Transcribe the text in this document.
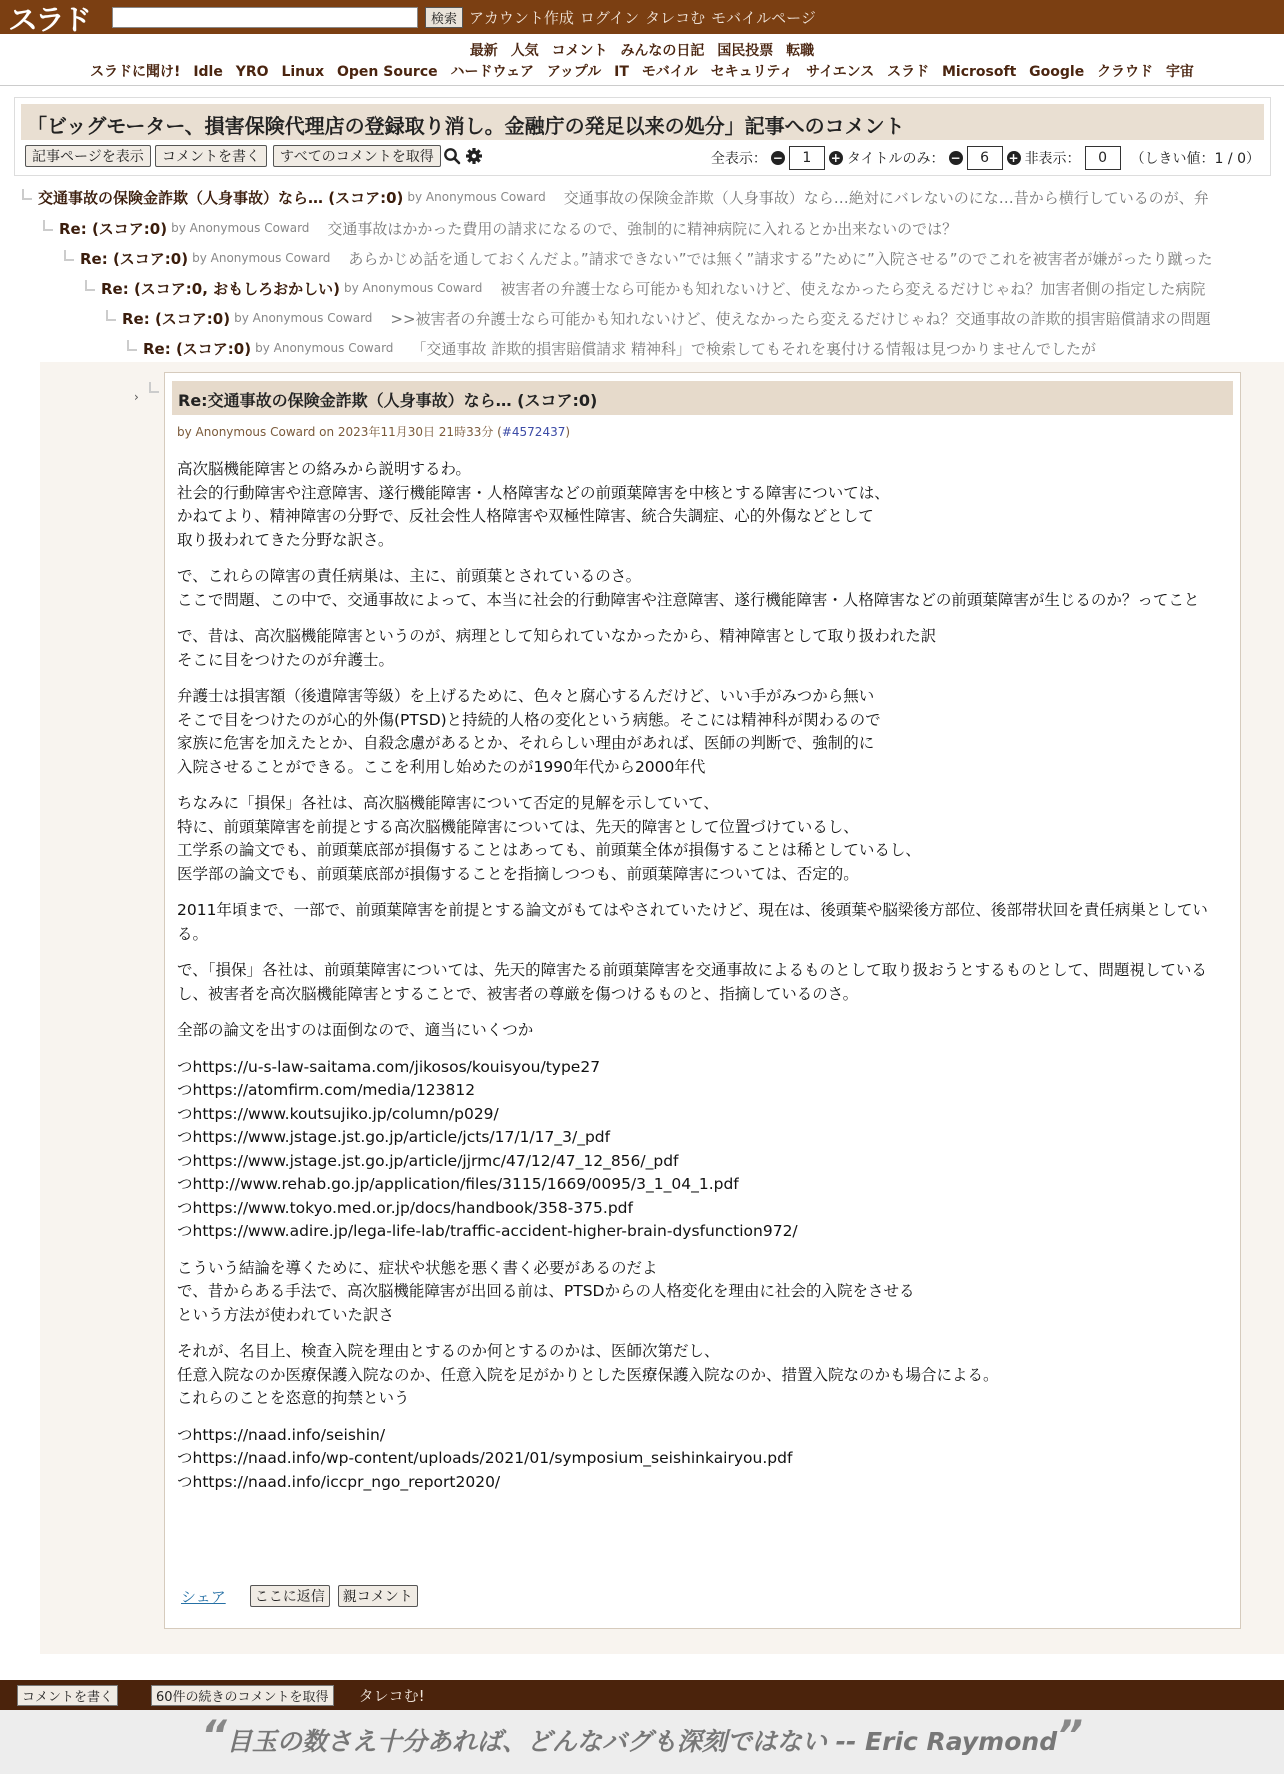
スラド	検索 アカウント作成 ログイン タレコむ モバイルページ
最新 人気 コメント みんなの日記 国民投票 転職
スラドに聞け! Idle YRO Linux Open Source ハードウェア アップル IT モバイル セキュリティ サイエンス スラド Microsoft Google クラウド 宇宙
「ビッグモーター、損害保険代理店の登録取り消し。金融庁の発足以来の処分」記事へのコメント
記事ページを表示	コメントを書く	すべてのコメントを取得	全表示： −	1	+ タイトルのみ： −	6	+ 非表示：	0	（しきい値：1 / 0）
交通事故の保険金詐欺（人身事故）なら… (スコア:0) by Anonymous Coward 交通事故の保険金詐欺（人身事故）なら…絶対にバレないのにな…昔から横行しているのが、弁
Re: (スコア:0) by Anonymous Coward 交通事故はかかった費用の請求になるので、強制的に精神病院に入れるとか出来ないのでは？
Re: (スコア:0) by Anonymous Coward あらかじめ話を通しておくんだよ。”請求できない”では無く”請求する”ために”入院させる”のでこれを被害者が嫌がったり蹴った
Re: (スコア:0, おもしろおかしい) by Anonymous Coward 被害者の弁護士なら可能かも知れないけど、使えなかったら変えるだけじゃね？加害者側の指定した病院
Re: (スコア:0) by Anonymous Coward >>被害者の弁護士なら可能かも知れないけど、使えなかったら変えるだけじゃね？交通事故の詐欺的損害賠償請求の問題
Re: (スコア:0) by Anonymous Coward 「交通事故 詐欺的損害賠償請求 精神科」で検索してもそれを裏付ける情報は見つかりませんでしたが
›	Re:交通事故の保険金詐欺（人身事故）なら… (スコア:0)
by Anonymous Coward on 2023年11月30日 21時33分 (#4572437)

高次脳機能障害との絡みから説明するわ。
社会的行動障害や注意障害、遂行機能障害・人格障害などの前頭葉障害を中核とする障害については、
かねてより、精神障害の分野で、反社会性人格障害や双極性障害、統合失調症、心的外傷などとして
取り扱われてきた分野な訳さ。

で、これらの障害の責任病巣は、主に、前頭葉とされているのさ。
ここで問題、この中で、交通事故によって、本当に社会的行動障害や注意障害、遂行機能障害・人格障害などの前頭葉障害が生じるのか？ってこと

で、昔は、高次脳機能障害というのが、病理として知られていなかったから、精神障害として取り扱われた訳
そこに目をつけたのが弁護士。

弁護士は損害額（後遺障害等級）を上げるために、色々と腐心するんだけど、いい手がみつから無い
そこで目をつけたのが心的外傷(PTSD)と持続的人格の変化という病態。そこには精神科が関わるので
家族に危害を加えたとか、自殺念慮があるとか、それらしい理由があれば、医師の判断で、強制的に
入院させることができる。ここを利用し始めたのが1990年代から2000年代

ちなみに「損保」各社は、高次脳機能障害について否定的見解を示していて、
特に、前頭葉障害を前提とする高次脳機能障害については、先天的障害として位置づけているし、
工学系の論文でも、前頭葉底部が損傷することはあっても、前頭葉全体が損傷することは稀としているし、
医学部の論文でも、前頭葉底部が損傷することを指摘しつつも、前頭葉障害については、否定的。

2011年頃まで、一部で、前頭葉障害を前提とする論文がもてはやされていたけど、現在は、後頭葉や脳梁後方部位、後部帯状回を責任病巣としている。

で、「損保」各社は、前頭葉障害については、先天的障害たる前頭葉障害を交通事故によるものとして取り扱おうとするものとして、問題視しているし、被害者を高次脳機能障害とすることで、被害者の尊厳を傷つけるものと、指摘しているのさ。

全部の論文を出すのは面倒なので、適当にいくつか

つhttps://u-s-law-saitama.com/jikosos/kouisyou/type27
つhttps://atomfirm.com/media/123812
つhttps://www.koutsujiko.jp/column/p029/
つhttps://www.jstage.jst.go.jp/article/jcts/17/1/17_3/_pdf
つhttps://www.jstage.jst.go.jp/article/jjrmc/47/12/47_12_856/_pdf
つhttp://www.rehab.go.jp/application/files/3115/1669/0095/3_1_04_1.pdf
つhttps://www.tokyo.med.or.jp/docs/handbook/358-375.pdf
つhttps://www.adire.jp/lega-life-lab/traffic-accident-higher-brain-dysfunction972/

こういう結論を導くために、症状や状態を悪く書く必要があるのだよ
で、昔からある手法で、高次脳機能障害が出回る前は、PTSDからの人格変化を理由に社会的入院をさせる
という方法が使われていた訳さ

それが、名目上、検査入院を理由とするのか何とするのかは、医師次第だし、
任意入院なのか医療保護入院なのか、任意入院を足がかりとした医療保護入院なのか、措置入院なのかも場合による。
これらのことを恣意的拘禁という

つhttps://naad.info/seishin/
つhttps://naad.info/wp-content/uploads/2021/01/symposium_seishinkairyou.pdf
つhttps://naad.info/iccpr_ngo_report2020/

シェア	ここに返信	親コメント
コメントを書く	60件の続きのコメントを取得	タレコむ!
“目玉の数さえ十分あれば、どんなバグも深刻ではない -- Eric Raymond”
